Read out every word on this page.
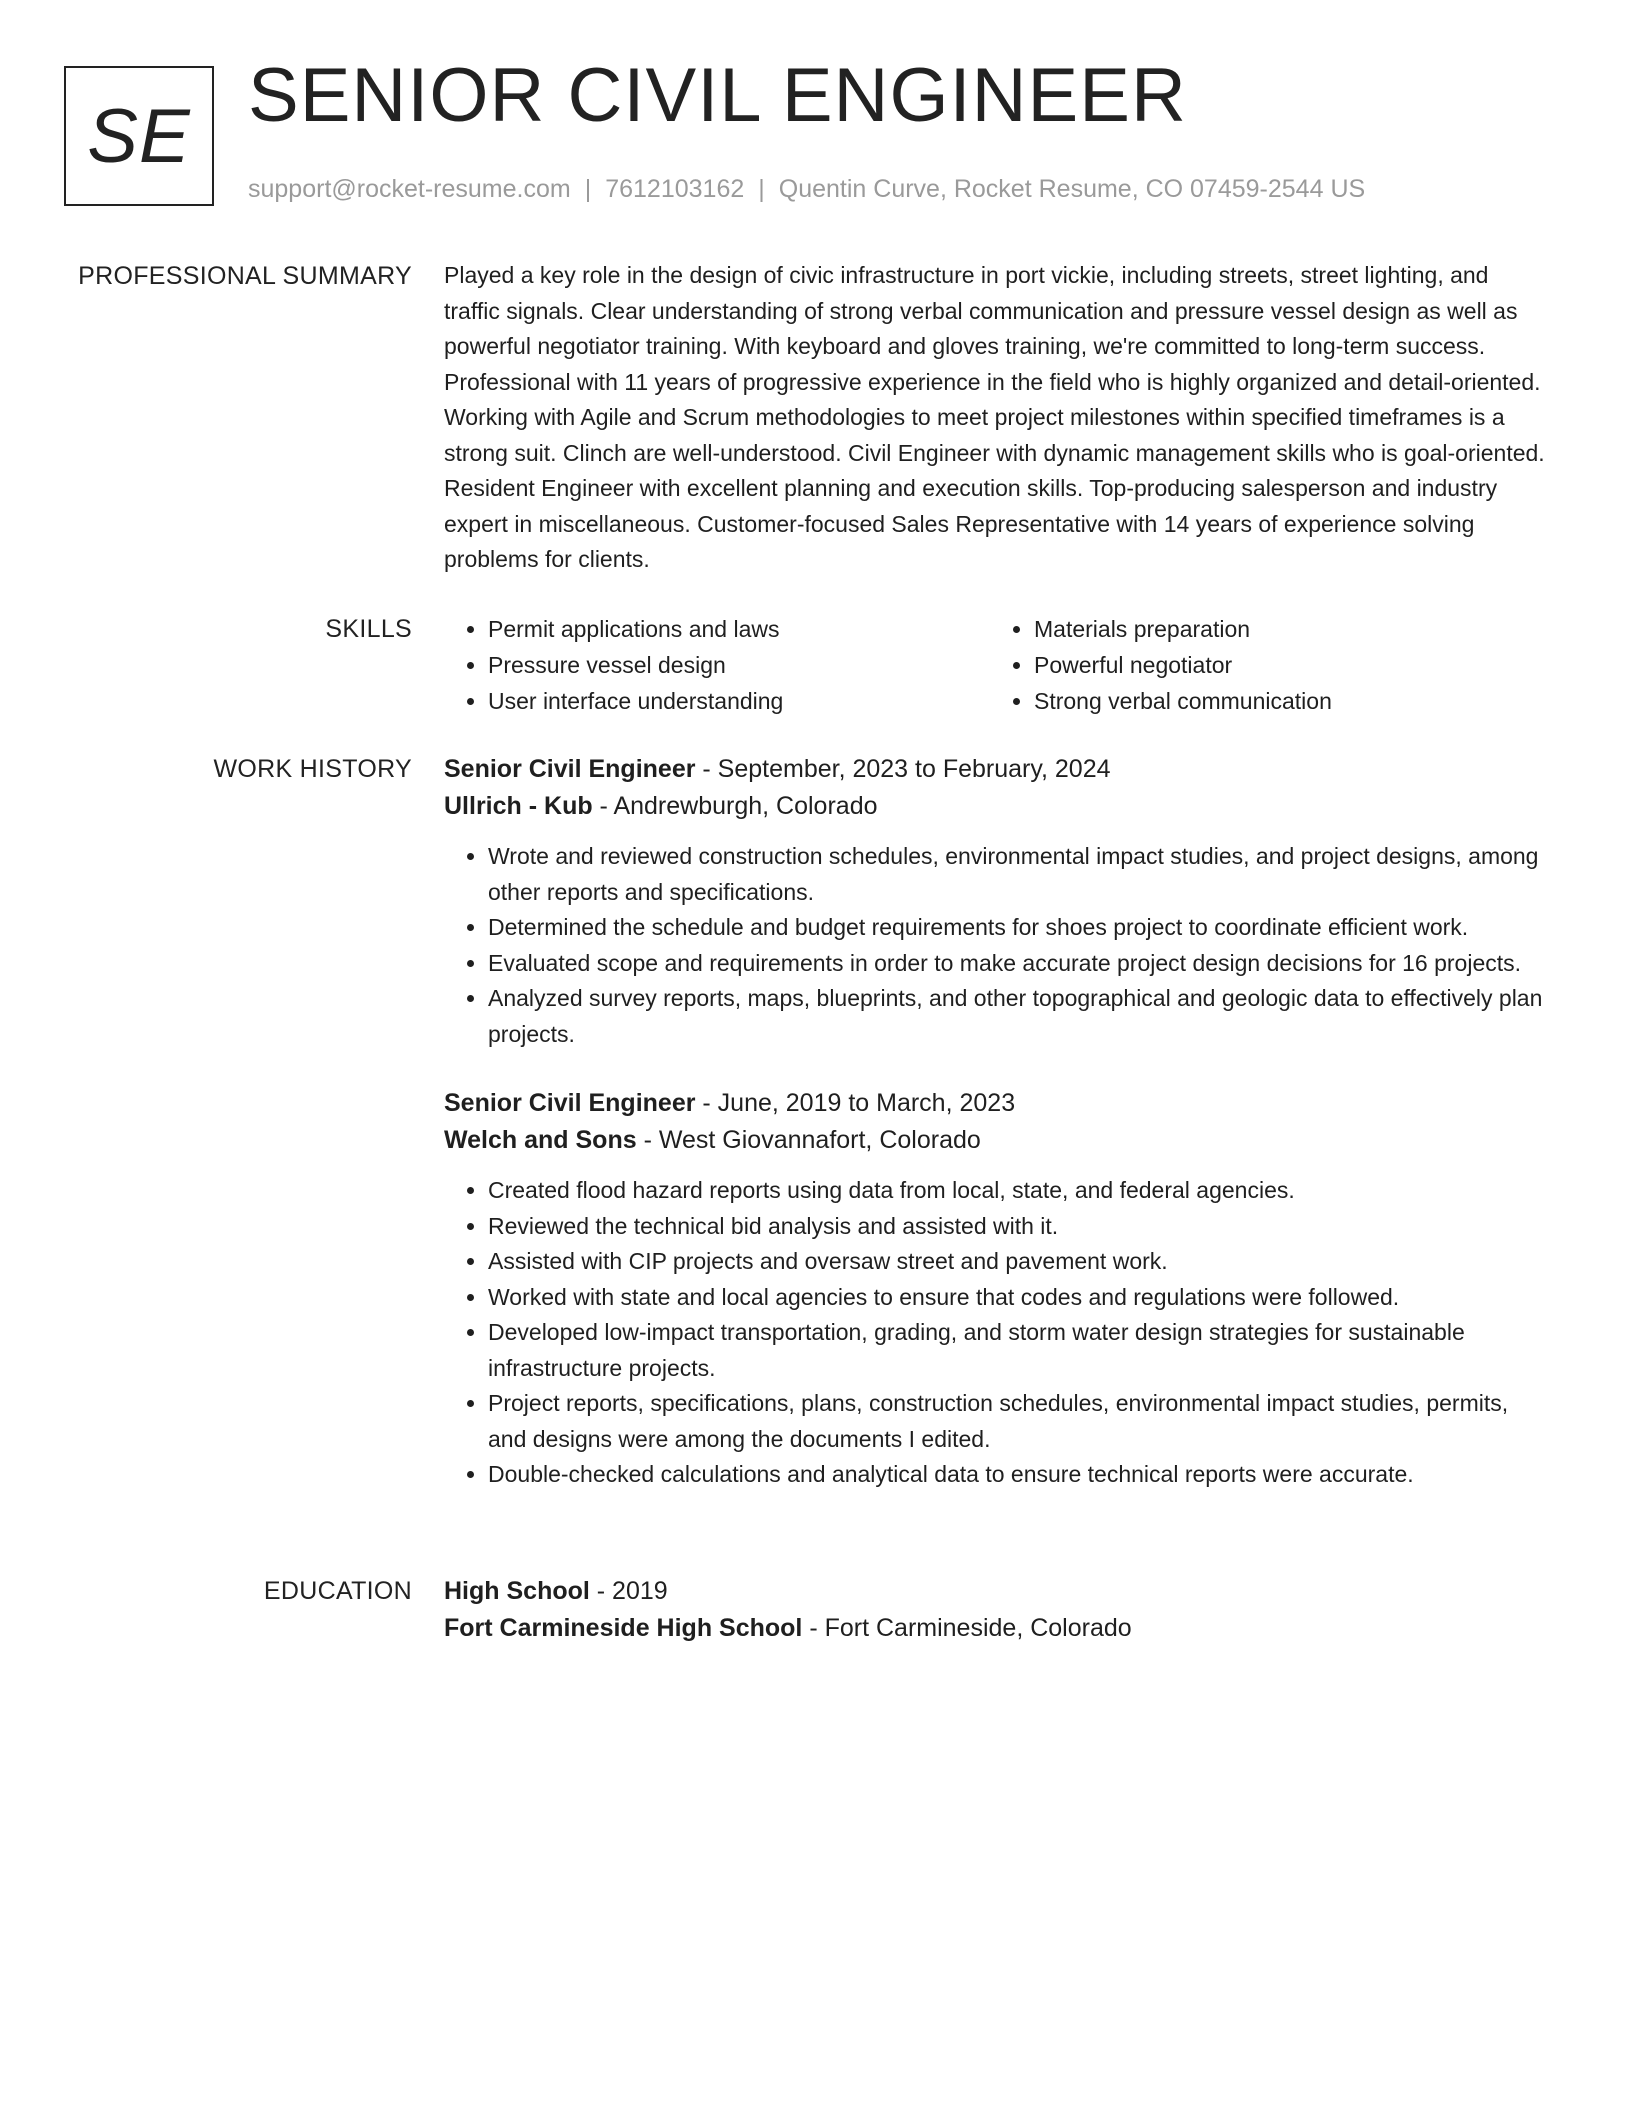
SE SENIOR CIVIL ENGINEER
support@rocket-resume.com | 7612103162 | Quentin Curve, Rocket Resume, CO 07459-2544 US
PROFESSIONAL SUMMARY Played a key role in the design of civic infrastructure in port vickie, including streets, street lighting, and traffic signals. Clear understanding of strong verbal communication and pressure vessel design as well as powerful negotiator training. With keyboard and gloves training, we're committed to long-term success. Professional with 11 years of progressive experience in the field who is highly organized and detail-oriented. Working with Agile and Scrum methodologies to meet project milestones within specified timeframes is a strong suit. Clinch are well-understood. Civil Engineer with dynamic management skills who is goal-oriented. Resident Engineer with excellent planning and execution skills. Top-producing salesperson and industry expert in miscellaneous. Customer-focused Sales Representative with 14 years of experience solving problems for clients.

SKILLS
•	Permit applications and laws
• Pressure vessel design
• User interface understanding
• Materials preparation
• Powerful negotiator
• Strong verbal communication
WORK HISTORY Senior Civil Engineer - September, 2023 to February, 2024
Ullrich - Kub - Andrewburgh, Colorado
• Wrote and reviewed construction schedules, environmental impact studies, and project designs, among other reports and specifications.
• Determined the schedule and budget requirements for shoes project to coordinate efficient work.
• Evaluated scope and requirements in order to make accurate project design decisions for 16 projects.
• Analyzed survey reports, maps, blueprints, and other topographical and geologic data to effectively plan projects.
Senior Civil Engineer - June, 2019 to March, 2023
Welch and Sons - West Giovannafort, Colorado
• Created flood hazard reports using data from local, state, and federal agencies.
• Reviewed the technical bid analysis and assisted with it.
• Assisted with CIP projects and oversaw street and pavement work.
• Worked with state and local agencies to ensure that codes and regulations were followed.
• Developed low-impact transportation, grading, and storm water design strategies for sustainable infrastructure projects.
• Project reports, specifications, plans, construction schedules, environmental impact studies, permits, and designs were among the documents I edited.
• Double-checked calculations and analytical data to ensure technical reports were accurate.
EDUCATION High School - 2019
Fort Carmineside High School - Fort Carmineside, Colorado
